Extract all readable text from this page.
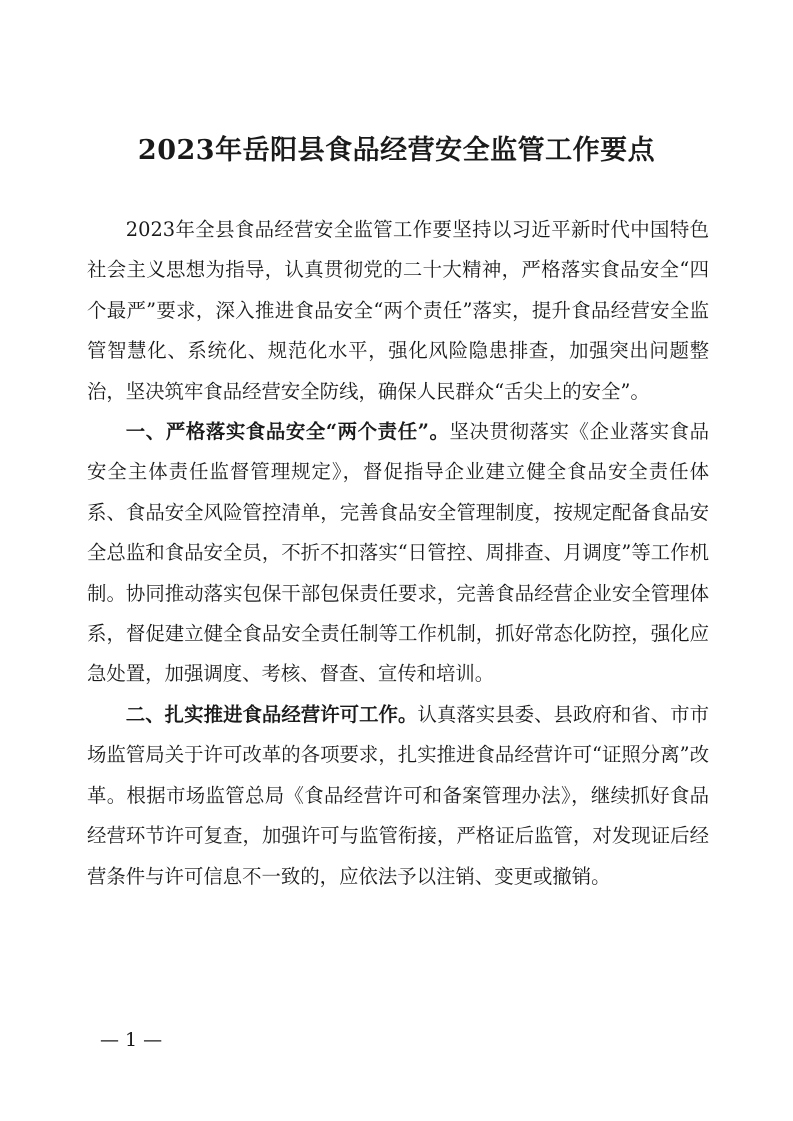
2023年岳阳县食品经营安全监管工作要点

2023年全县食品经营安全监管工作要坚持以习近平新时代中国特色社会主义思想为指导，认真贯彻党的二十大精神，严格落实食品安全“四个最严”要求，深入推进食品安全“两个责任”落实，提升食品经营安全监管智慧化、系统化、规范化水平，强化风险隐患排查，加强突出问题整治，坚决筑牢食品经营安全防线，确保人民群众“舌尖上的安全”。

一、严格落实食品安全“两个责任”。坚决贯彻落实《企业落实食品安全主体责任监督管理规定》，督促指导企业建立健全食品安全责任体系、食品安全风险管控清单，完善食品安全管理制度，按规定配备食品安全总监和食品安全员，不折不扣落实“日管控、周排查、月调度”等工作机制。协同推动落实包保干部包保责任要求，完善食品经营企业安全管理体系，督促建立健全食品安全责任制等工作机制，抓好常态化防控，强化应急处置，加强调度、考核、督查、宣传和培训。

二、扎实推进食品经营许可工作。认真落实县委、县政府和省、市市场监管局关于许可改革的各项要求，扎实推进食品经营许可“证照分离”改革。根据市场监管总局《食品经营许可和备案管理办法》，继续抓好食品经营环节许可复查，加强许可与监管衔接，严格证后监管，对发现证后经营条件与许可信息不一致的，应依法予以注销、变更或撤销。

— 1 —
